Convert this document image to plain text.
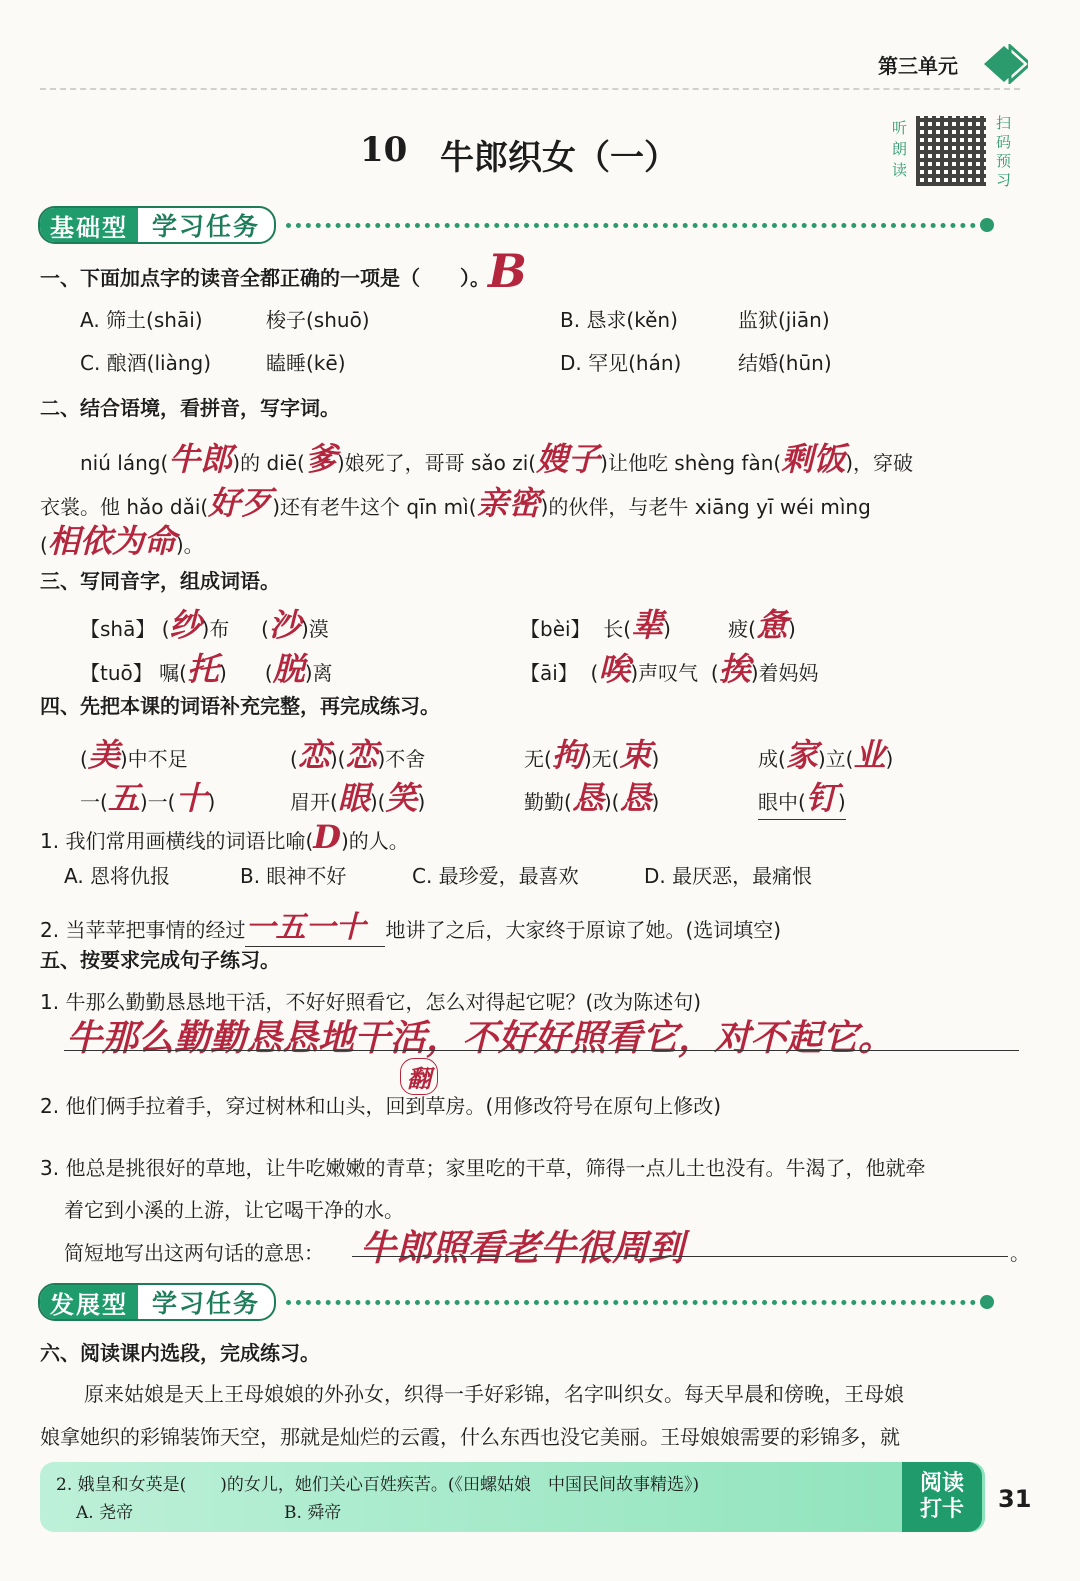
第三单元
10 牛郎织女（一）
听朗读
扫码预习
基础型 学习任务
一、下面加点字的读音全都正确的一项是（　　）。
B
A. 筛土(shāi)	梭子(shuō)	B. 恳求(kěn)	监狱(jiān)
C. 酿酒(liàng)	瞌睡(kē)	D. 罕见(hán)	结婚(hūn)
二、结合语境，看拼音，写字词。
niú láng(牛郎)的 diē(爹)娘死了，哥哥 sǎo zi(嫂子)让他吃 shèng fàn(剩饭)，穿破
衣裳。他 hǎo dǎi(好歹)还有老牛这个 qīn mì(亲密)的伙伴，与老牛 xiāng yī wéi mìng
(相依为命)。
三、写同音字，组成词语。
【shā】 (纱)布     (沙)漠	【bèi】 长(辈)         疲(惫)
【tuō】 嘱(托)      (脱)离	【āi】  (唉)声叹气  (挨)着妈妈
四、先把本课的词语补充完整，再完成练习。
(美)中不足	(恋)(恋)不舍	无(拘)无(束)	成(家)立(业)
一(五)一(十)	眉开(眼)(笑)	勤勤(恳)(恳)	眼中(钉)
1. 我们常用画横线的词语比喻(D)的人。
A. 恩将仇报	B. 眼神不好	C. 最珍爱，最喜欢	D. 最厌恶，最痛恨
2. 当苹苹把事情的经过一五一十 地讲了之后，大家终于原谅了她。(选词填空)
五、按要求完成句子练习。
1. 牛那么勤勤恳恳地干活，不好好照看它，怎么对得起它呢？(改为陈述句)
牛那么勤勤恳恳地干活，不好好照看它，对不起它。
2. 他们俩手拉着手，穿过树林和山头，回到草房。(用修改符号在原句上修改)
翻
3. 他总是挑很好的草地，让牛吃嫩嫩的青草；家里吃的干草，筛得一点儿土也没有。牛渴了，他就牵
着它到小溪的上游，让它喝干净的水。
简短地写出这两句话的意思： 牛郎照看老牛很周到	。
发展型 学习任务
六、阅读课内选段，完成练习。
原来姑娘是天上王母娘娘的外孙女，织得一手好彩锦，名字叫织女。每天早晨和傍晚，王母娘
娘拿她织的彩锦装饰天空，那就是灿烂的云霞，什么东西也没它美丽。王母娘娘需要的彩锦多，就
2. 娥皇和女英是(　　)的女儿，她们关心百姓疾苦。(《田螺姑娘　中国民间故事精选》)
A. 尧帝	B. 舜帝
阅读
打卡 31
